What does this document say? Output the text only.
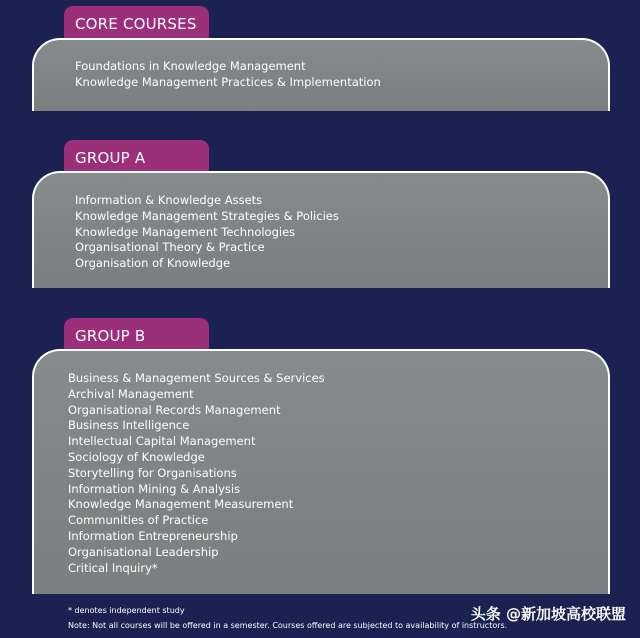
CORE COURSES
Foundations in Knowledge Management
Knowledge Management Practices & Implementation
GROUP A
Information & Knowledge Assets
Knowledge Management Strategies & Policies
Knowledge Management Technologies
Organisational Theory & Practice
Organisation of Knowledge
GROUP B
Business & Management Sources & Services
Archival Management
Organisational Records Management
Business Intelligence
Intellectual Capital Management
Sociology of Knowledge
Storytelling for Organisations
Information Mining & Analysis
Knowledge Management Measurement
Communities of Practice
Information Entrepreneurship
Organisational Leadership
Critical Inquiry*
* denotes independent study
Note: Not all courses will be offered in a semester. Courses offered are subjected to availability of instructors.
头条 @新加坡高校联盟
